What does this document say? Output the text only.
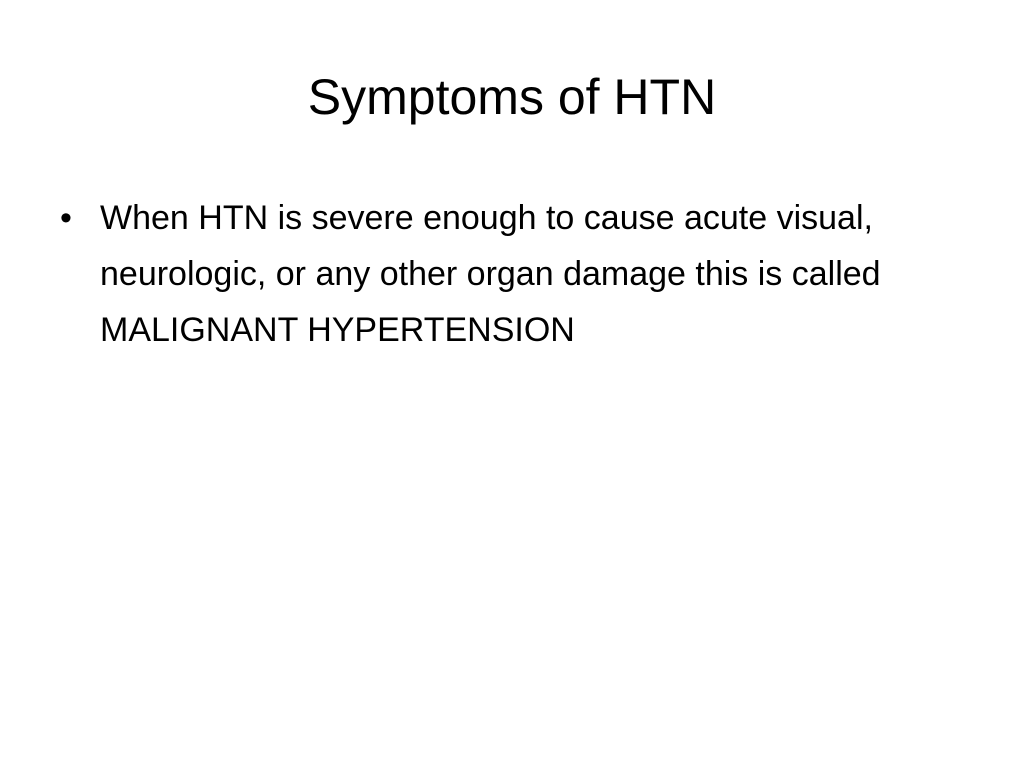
Symptoms of HTN
• When HTN is severe enough to cause acute visual, neurologic, or any other organ damage this is called MALIGNANT HYPERTENSION
